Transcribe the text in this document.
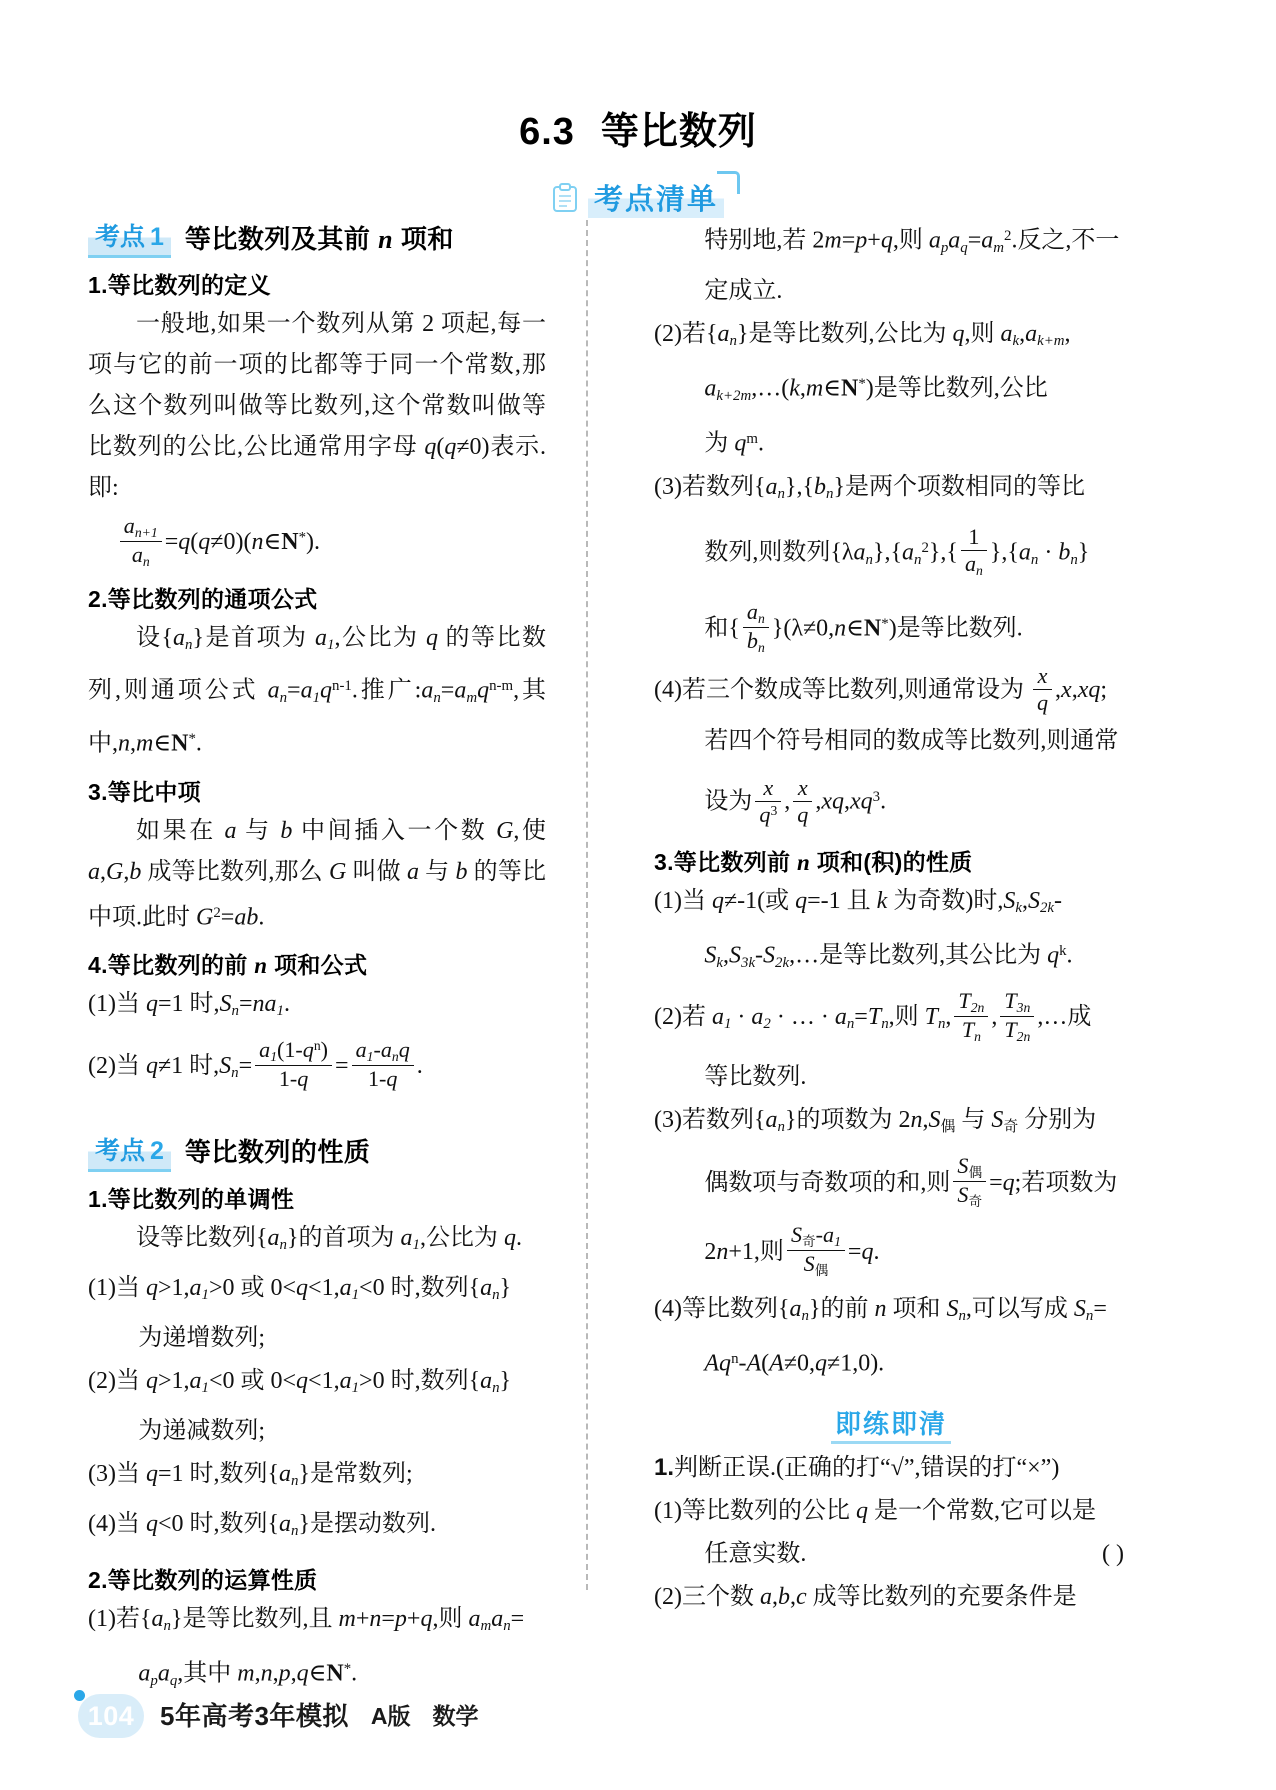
6.3 等比数列
考点清单
考点 1 等比数列及其前 n 项和
1.等比数列的定义

一般地,如果一个数列从第 2 项起,每一项与它的前一项的比都等于同一个常数,那么这个数列叫做等比数列,这个常数叫做等比数列的公比,公比通常用字母 q(q≠0)表示.即:

$\frac{a_{n+1}}{a_n}$ =q(q≠0)(n∈N*).

2.等比数列的通项公式

设$\{a_n\}$是首项为 $a_1$,公比为 q 的等比数列,则通项公式 $a_n=a_1q^{n-1}$.推广$:a_n=a_mq^{n-m}$,其中,n,m∈N*.

3.等比中项

如果在 a 与 b 中间插入一个数 G,使 a,G,b 成等比数列,那么 G 叫做 a 与 b 的等比中项.此时 $G^2=ab$.

4.等比数列的前 n 项和公式

(1)当 q=1 时$,S_n=na_1$.

(2)当 q≠1 时$,S_n= \frac{a_1(1-q^n)}{1-q} = \frac{a_1-a_nq}{1-q}$ .

考点 2 等比数列的性质
1.等比数列的单调性

设等比数列$\{a_n\}$的首项为 $a_1$,公比为 q.

(1)当 $q>1,a_1>0$ 或 $0<q<1,a_1<0$ 时,数列$\{a_n\}$

为递增数列;

(2)当 $q>1,a_1<0$ 或 $0<q<1,a_1>0$ 时,数列$\{a_n\}$

为递减数列;

(3)当 q=1 时,数列$\{a_n\}$是常数列;

(4)当 q<0 时,数列$\{a_n\}$是摆动数列.

2.等比数列的运算性质

(1)若$\{a_n\}$是等比数列,且 m+n=p+q,则 $a_ma_n=$

$a_pa_q$,其中 m,n,p,q∈N*.

特别地,若 2m=p+q,则 $a_pa_q=a_m^2$.反之,不一

定成立.

(2)若$\{a_n\}$是等比数列,公比为 q,则 $a_k,a_{k+m}$,

$a_{k+2m},\dots(k,m\in N^*)$是等比数列,公比

为 $q^m$.

(3)若数列$\{a_n\},\{b_n\}$是两个项数相同的等比

数列,则数列$\{\lambda a_n\},\{a_n^2\},\{ \frac{1}{a_n} \},\{a_n \cdot b_n\}$

和{ $\frac{a_n}{b_n}$ }(λ≠0,n∈N*)是等比数列.

(4)若三个数成等比数列,则通常设为 $\frac{x}{q} ,x,xq$;

若四个符号相同的数成等比数列,则通常

设为 $\frac{x}{q^3}$ , $\frac{x}{q} ,xq,xq^3$.

3.等比数列前 n 项和(积)的性质

(1)当 q≠-1(或 q=-1 且 k 为奇数)时$,S_k,S_{2k}-$

$S_k,S_{3k}-S_{2k},\dots$是等比数列,其公比为 $q^k$.

(2)若 $a_1 \cdot a_2$ · … · $a_n=T_n$,则 $T_n$, $\frac{T_{2n}}{T_n}$ , $\frac{T_{3n}}{T_{2n}}$ ,…成

等比数列.

(3)若数列$\{a_n\}$的项数为 $2n,S_偶$ 与 $S_奇$ 分别为

偶数项与奇数项的和,则 $\frac{S_偶}{S_奇} =q$;若项数为

2n+1,则 $\frac{S_奇-a_1}{S_偶} =q$.

(4)等比数列$\{a_n\}$的前 n 项和 $S_n$,可以写成 $S_n=$

$Aq^n-A(A\ne 0,q\ne 1,0)$.

即练即清

1.判断正误.(正确的打“√”,错误的打“×”)

(1)等比数列的公比 q 是一个常数,它可以是

任意实数.	( )

(2)三个数 a,b,c 成等比数列的充要条件是

104 5年高考3年模拟 A版 数学
